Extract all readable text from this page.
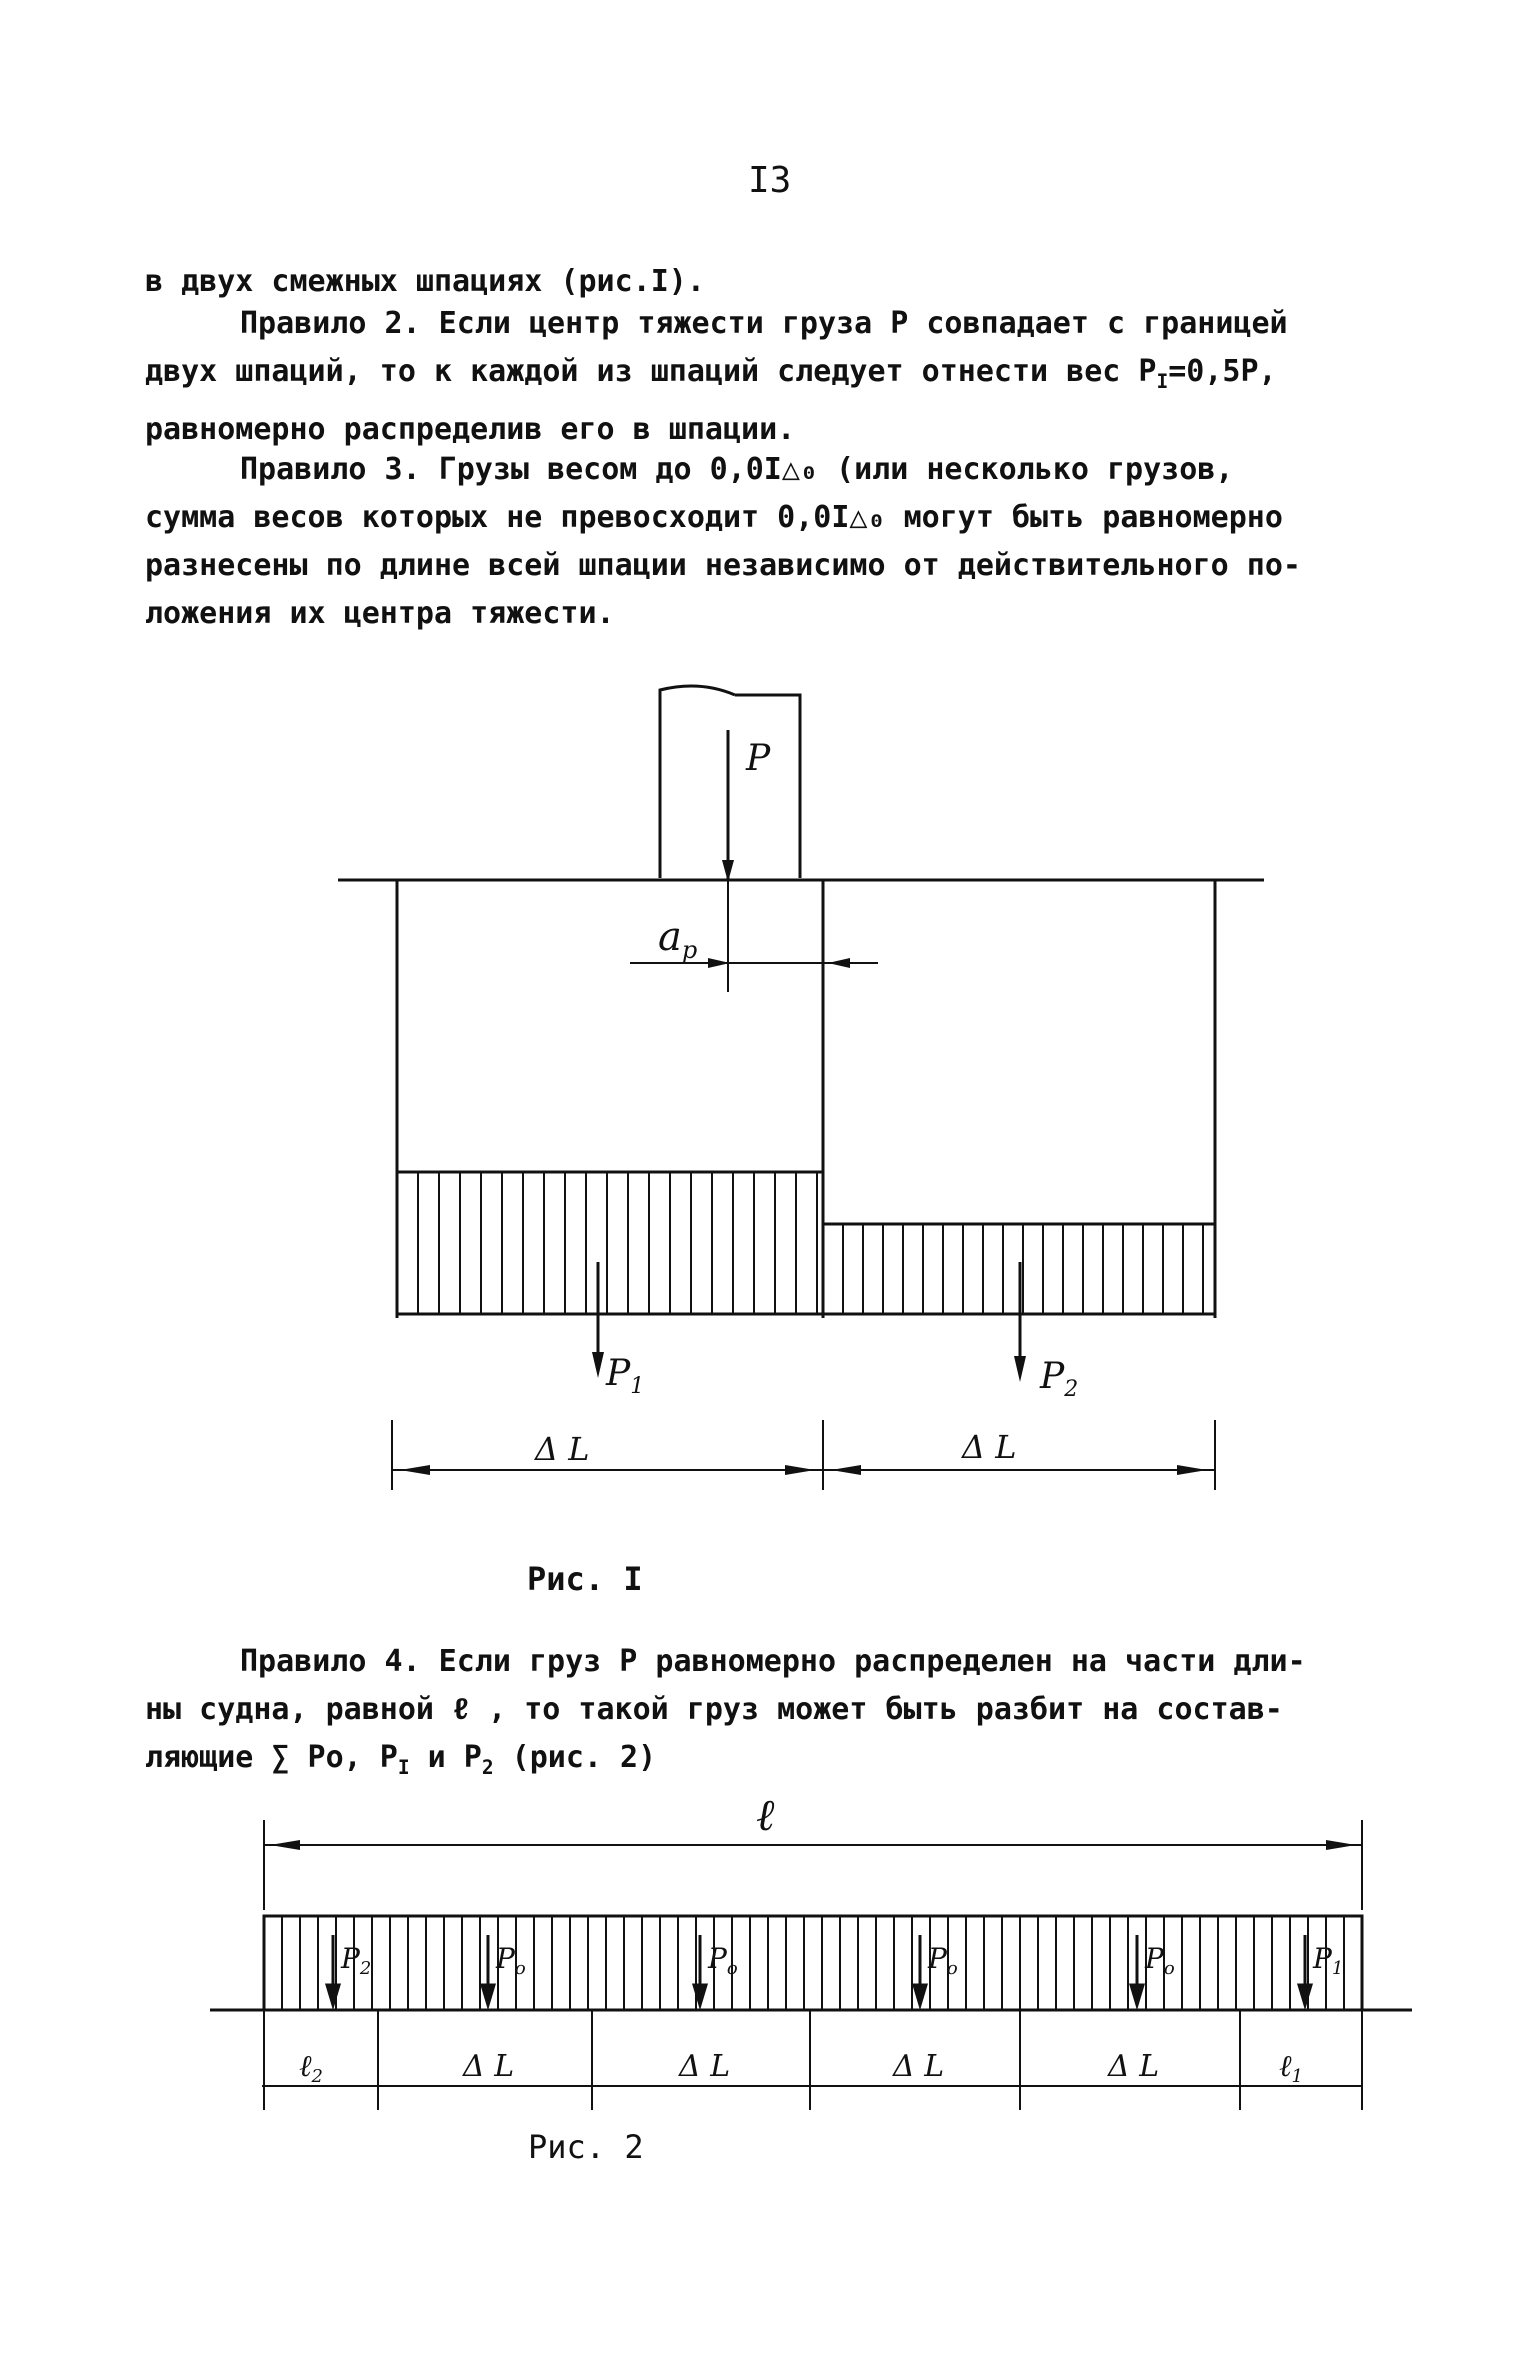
I3

в двух смежных шпациях (рис.I).

Правило 2. Если центр тяжести груза P совпадает с границей
двух шпаций, то к каждой из шпаций следует отнести вес $P_I=0,5P$,
равномерно распределив его в шпации.

Правило 3. Грузы весом до 0,0I△₀ (или несколько грузов,
сумма весов которых не превосходит 0,0I△₀ могут быть равномерно
разнесены по длине всей шпации независимо от действительного по-
ложения их центра тяжести.

P
$a_p$
$P_1$	$P_2$
Δ L	Δ L
Рис. I

Правило 4. Если груз P равномерно распределен на части дли-
ны судна, равной ℓ , то такой груз может быть разбит на состав-
ляющие ∑ Po, $P_I$ и $P_2$ (рис. 2)

ℓ
$P_2$	$P_o$	$P_o$	$P_o$	$P_o$	$P_1$
ℓ$_2$	Δ L	Δ L	Δ L	Δ L	ℓ$_1$
Рис. 2
